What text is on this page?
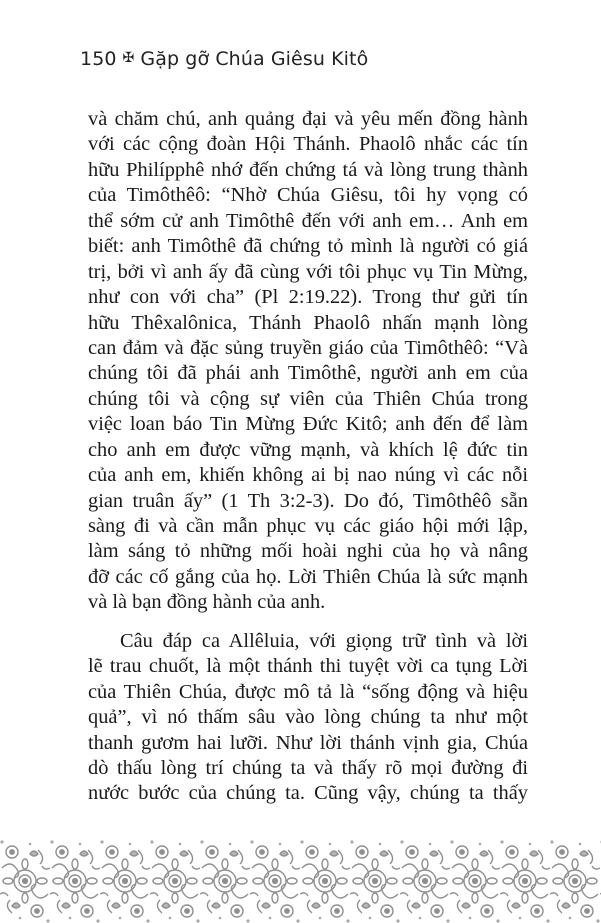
150 ✠ Gặp gỡ Chúa Giêsu Kitô
và chăm chú, anh quảng đại và yêu mến đồng hành
với các cộng đoàn Hội Thánh. Phaolô nhắc các tín
hữu Philípphê nhớ đến chứng tá và lòng trung thành
của Timôthêô: “Nhờ Chúa Giêsu, tôi hy vọng có
thể sớm cử anh Timôthê đến với anh em… Anh em
biết: anh Timôthê đã chứng tỏ mình là người có giá
trị, bởi vì anh ấy đã cùng với tôi phục vụ Tin Mừng,
như con với cha” (Pl 2:19.22). Trong thư gửi tín
hữu Thêxalônica, Thánh Phaolô nhấn mạnh lòng
can đảm và đặc sủng truyền giáo của Timôthêô: “Và
chúng tôi đã phái anh Timôthê, người anh em của
chúng tôi và cộng sự viên của Thiên Chúa trong
việc loan báo Tin Mừng Đức Kitô; anh đến để làm
cho anh em được vững mạnh, và khích lệ đức tin
của anh em, khiến không ai bị nao núng vì các nỗi
gian truân ấy” (1 Th 3:2-3). Do đó, Timôthêô sẵn
sàng đi và cần mẫn phục vụ các giáo hội mới lập,
làm sáng tỏ những mối hoài nghi của họ và nâng
đỡ các cố gắng của họ. Lời Thiên Chúa là sức mạnh
và là bạn đồng hành của anh.
Câu đáp ca Allêluia, với giọng trữ tình và lời
lẽ trau chuốt, là một thánh thi tuyệt vời ca tụng Lời
của Thiên Chúa, được mô tả là “sống động và hiệu
quả”, vì nó thấm sâu vào lòng chúng ta như một
thanh gươm hai lưỡi. Như lời thánh vịnh gia, Chúa
dò thấu lòng trí chúng ta và thấy rõ mọi đường đi
nước bước của chúng ta. Cũng vậy, chúng ta thấy
